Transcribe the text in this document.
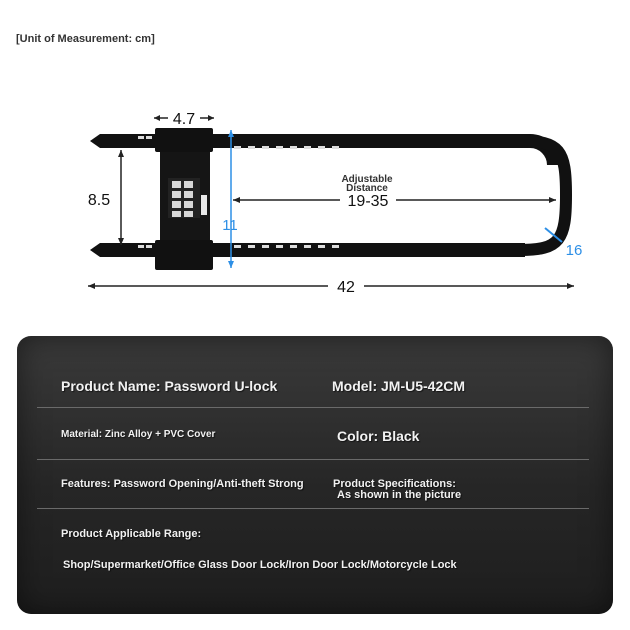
[Unit of Measurement: cm]
4.7
8.5
11
Adjustable
Distance
19-35
16
42
Product Name: Password U-lock	Model: JM-U5-42CM
Material: Zinc Alloy + PVC Cover	Color: Black
Features: Password Opening/Anti-theft Strong	Product Specifications:
As shown in the picture
Product Applicable Range:
Shop/Supermarket/Office Glass Door Lock/Iron Door Lock/Motorcycle Lock
